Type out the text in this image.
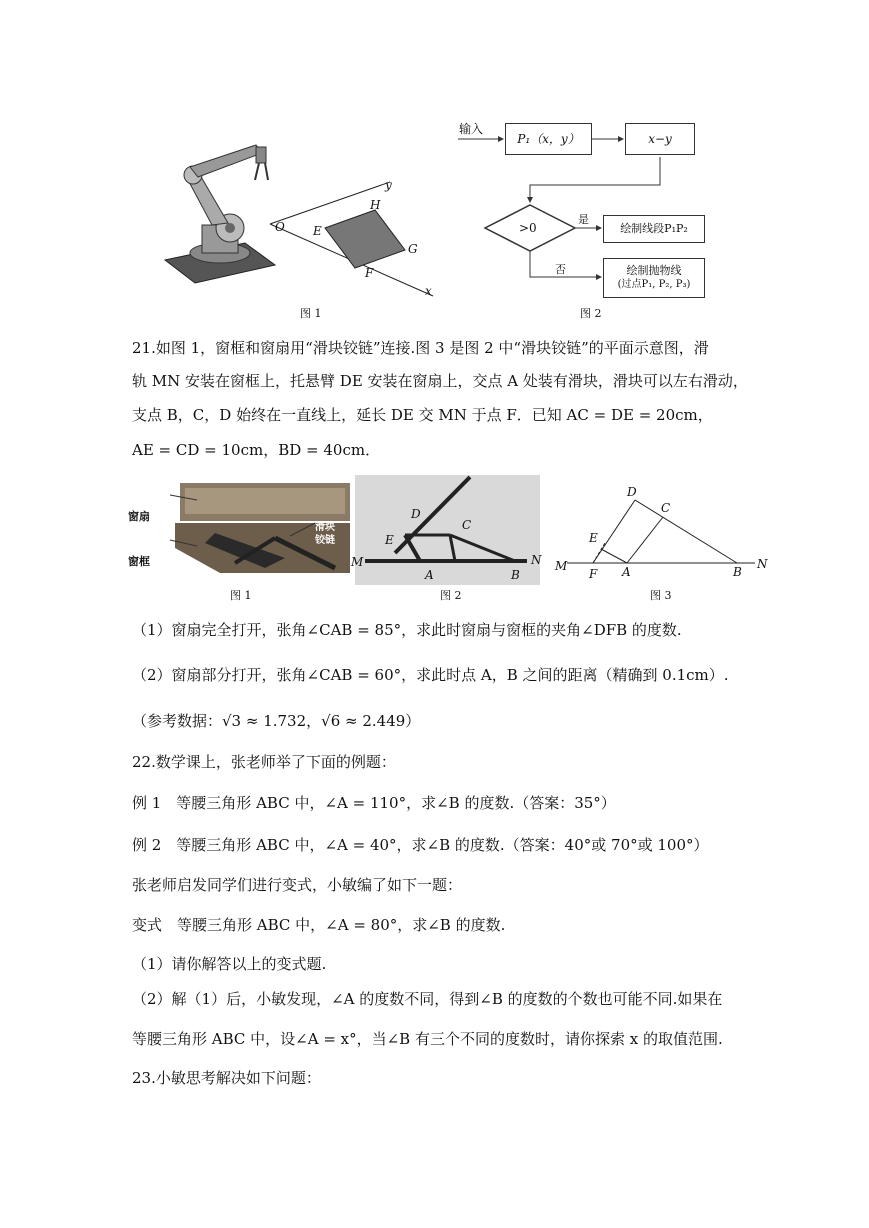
O
y
x
E
H
G
F
图 1
输入
P₁（x，y）	x−y
>0
是
否
绘制线段P₁P₂
绘制抛物线
(过点P₁, P₂, P₃)
图 2
21.如图 1，窗框和窗扇用“滑块铰链”连接.图 3 是图 2 中“滑块铰链”的平面示意图，滑
轨 MN 安装在窗框上，托悬臂 DE 安装在窗扇上，交点 A 处装有滑块，滑块可以左右滑动，
支点 B，C，D 始终在一直线上，延长 DE 交 MN 于点 F．已知 AC = DE = 20cm，
AE = CD = 10cm，BD = 40cm．
窗扇
窗框
滑块
铰链
图 1
D
C
E
M
A	B
N
图 2
D
C
E
M
F A	B
N
图 3
（1）窗扇完全打开，张角∠CAB = 85°，求此时窗扇与窗框的夹角∠DFB 的度数.
（2）窗扇部分打开，张角∠CAB = 60°，求此时点 A，B 之间的距离（精确到 0.1cm）.
（参考数据：√3 ≈ 1.732，√6 ≈ 2.449）
22.数学课上，张老师举了下面的例题：
例 1　等腰三角形 ABC 中，∠A = 110°，求∠B 的度数.（答案：35°）
例 2　等腰三角形 ABC 中，∠A = 40°，求∠B 的度数.（答案：40°或 70°或 100°）
张老师启发同学们进行变式，小敏编了如下一题：
变式　等腰三角形 ABC 中，∠A = 80°，求∠B 的度数.
（1）请你解答以上的变式题.
（2）解（1）后，小敏发现，∠A 的度数不同，得到∠B 的度数的个数也可能不同.如果在
等腰三角形 ABC 中，设∠A = x°，当∠B 有三个不同的度数时，请你探索 x 的取值范围.
23.小敏思考解决如下问题：
